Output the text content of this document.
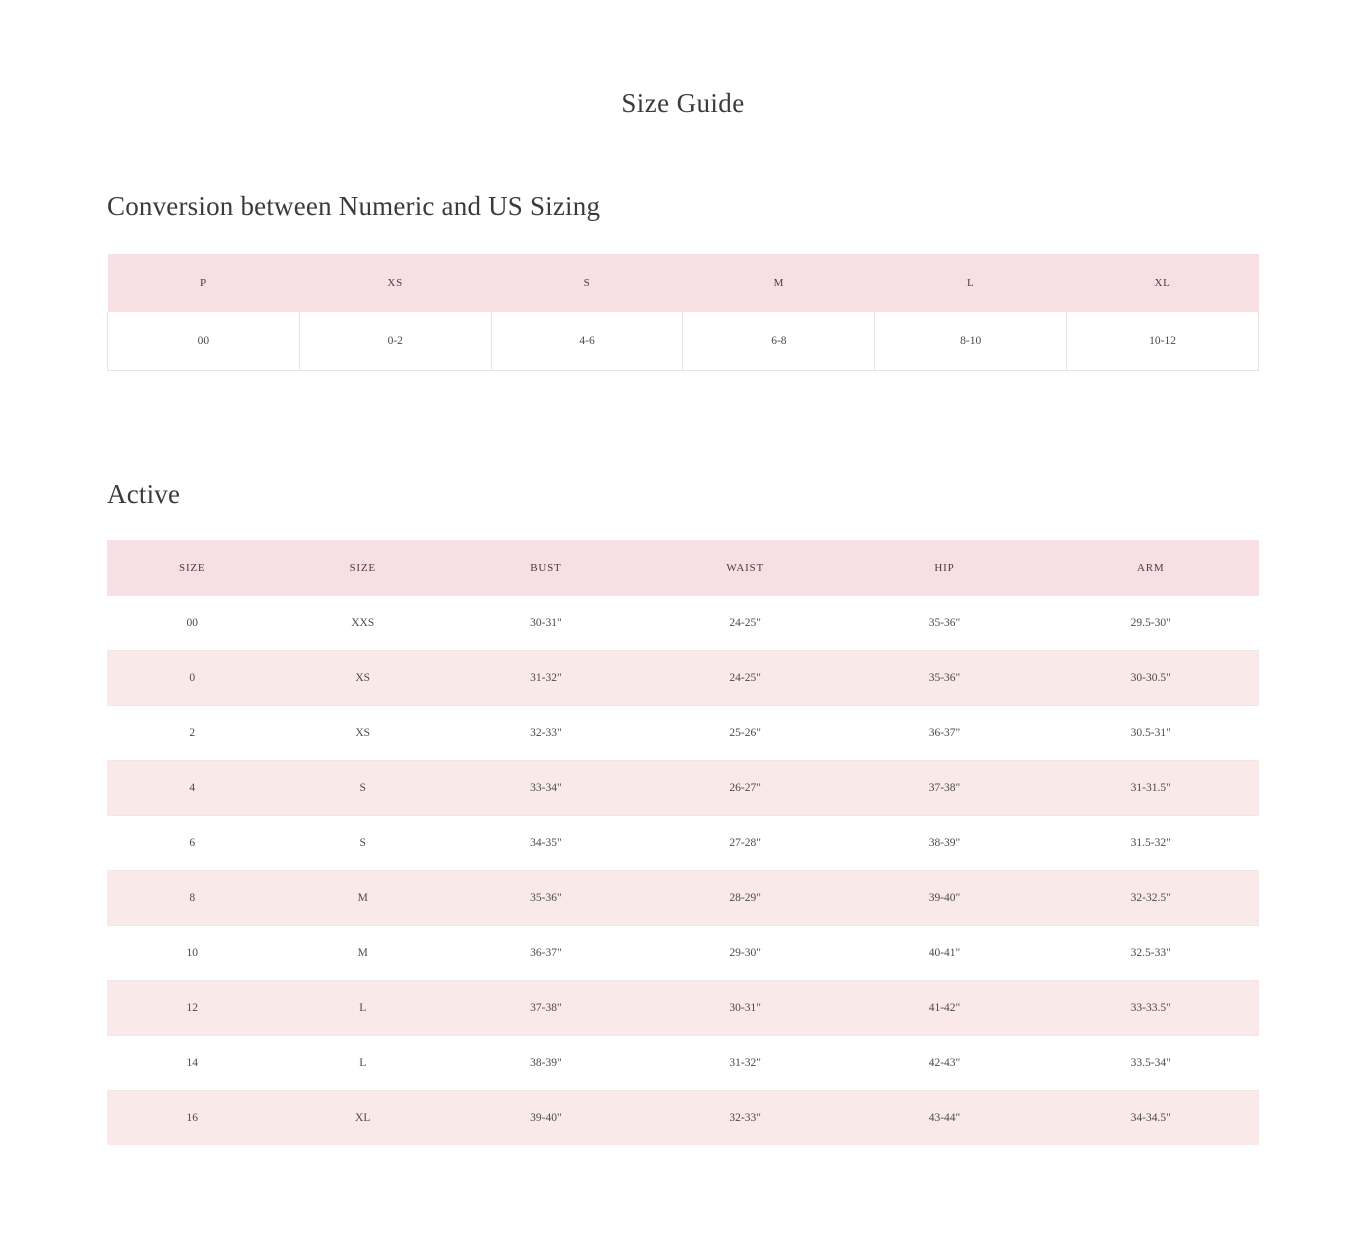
Size Guide
Conversion between Numeric and US Sizing
P	XS	S	M	L	XL
00	0-2	4-6	6-8	8-10	10-12
Active
SIZE	SIZE	BUST	WAIST	HIP	ARM
00	XXS	30-31"	24-25"	35-36"	29.5-30"
0	XS	31-32"	24-25"	35-36"	30-30.5"
2	XS	32-33"	25-26"	36-37"	30.5-31"
4	S	33-34"	26-27"	37-38"	31-31.5"
6	S	34-35"	27-28"	38-39"	31.5-32"
8	M	35-36"	28-29"	39-40"	32-32.5"
10	M	36-37"	29-30"	40-41"	32.5-33"
12	L	37-38"	30-31"	41-42"	33-33.5"
14	L	38-39"	31-32"	42-43"	33.5-34"
16	XL	39-40"	32-33"	43-44"	34-34.5"
